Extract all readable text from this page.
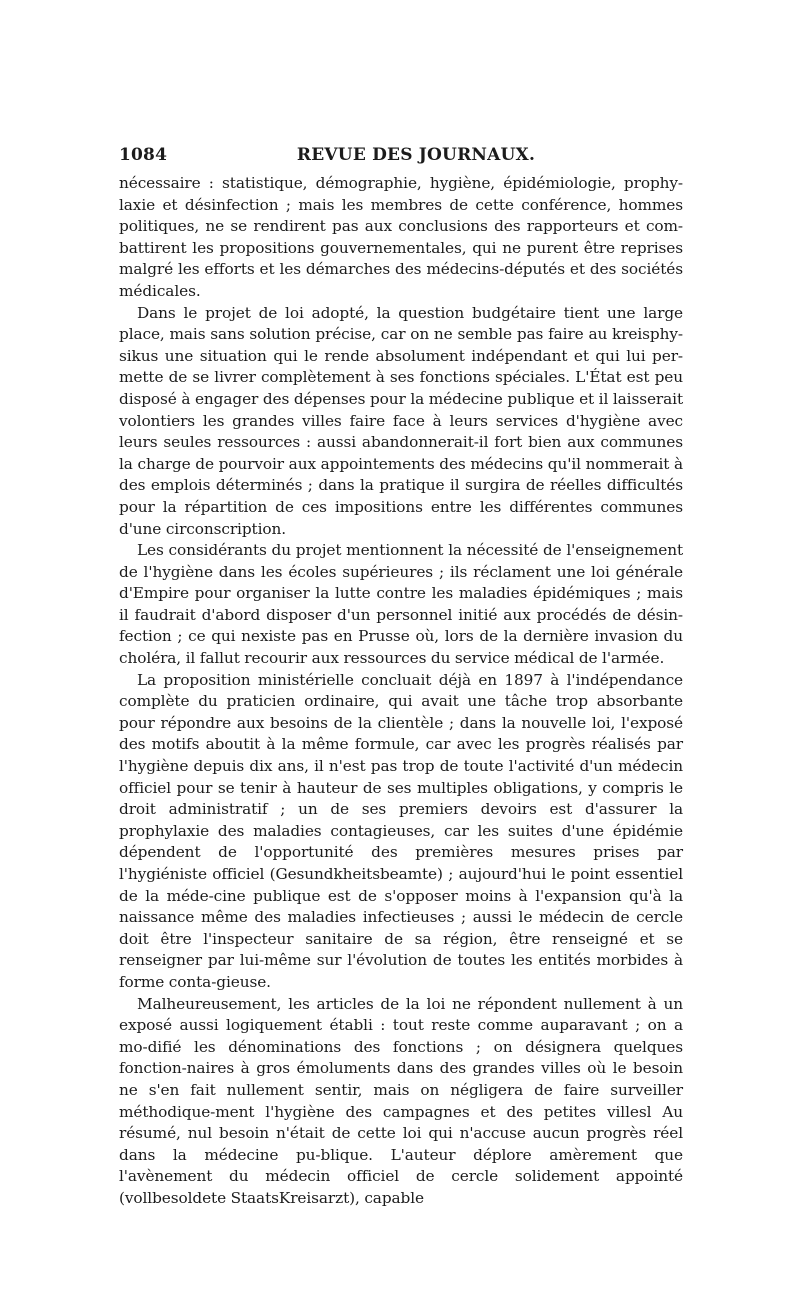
1084	REVUE DES JOURNAUX.

nécessaire : statistique, démographie, hygiène, épidémiologie, prophy-laxie et désinfection ; mais les membres de cette conférence, hommes politiques, ne se rendirent pas aux conclusions des rapporteurs et com-battirent les propositions gouvernementales, qui ne purent être reprises malgré les efforts et les démarches des médecins-députés et des sociétés médicales.

Dans le projet de loi adopté, la question budgétaire tient une large place, mais sans solution précise, car on ne semble pas faire au kreisphy-sikus une situation qui le rende absolument indépendant et qui lui per-mette de se livrer complètement à ses fonctions spéciales. L'État est peu disposé à engager des dépenses pour la médecine publique et il laisserait volontiers les grandes villes faire face à leurs services d'hygiène avec leurs seules ressources : aussi abandonnerait-il fort bien aux communes la charge de pourvoir aux appointements des médecins qu'il nommerait à des emplois déterminés ; dans la pratique il surgira de réelles difficultés pour la répartition de ces impositions entre les différentes communes d'une circonscription.

Les considérants du projet mentionnent la nécessité de l'enseignement de l'hygiène dans les écoles supérieures ; ils réclament une loi générale d'Empire pour organiser la lutte contre les maladies épidémiques ; mais il faudrait d'abord disposer d'un personnel initié aux procédés de désin-fection ; ce qui nexiste pas en Prusse où, lors de la dernière invasion du choléra, il fallut recourir aux ressources du service médical de l'armée.

La proposition ministérielle concluait déjà en 1897 à l'indépendance complète du praticien ordinaire, qui avait une tâche trop absorbante pour répondre aux besoins de la clientèle ; dans la nouvelle loi, l'exposé des motifs aboutit à la même formule, car avec les progrès réalisés par l'hygiène depuis dix ans, il n'est pas trop de toute l'activité d'un médecin officiel pour se tenir à hauteur de ses multiples obligations, y compris le droit administratif ; un de ses premiers devoirs est d'assurer la prophylaxie des maladies contagieuses, car les suites d'une épidémie dépendent de l'opportunité des premières mesures prises par l'hygiéniste officiel (Gesundkheitsbeamte) ; aujourd'hui le point essentiel de la méde-cine publique est de s'opposer moins à l'expansion qu'à la naissance même des maladies infectieuses ; aussi le médecin de cercle doit être l'inspecteur sanitaire de sa région, être renseigné et se renseigner par lui-même sur l'évolution de toutes les entités morbides à forme conta-gieuse.

Malheureusement, les articles de la loi ne répondent nullement à un exposé aussi logiquement établi : tout reste comme auparavant ; on a mo-difié les dénominations des fonctions ; on désignera quelques fonction-naires à gros émoluments dans des grandes villes où le besoin ne s'en fait nullement sentir, mais on négligera de faire surveiller méthodique-ment l'hygiène des campagnes et des petites villesl Au résumé, nul besoin n'était de cette loi qui n'accuse aucun progrès réel dans la médecine pu-blique. L'auteur déplore amèrement que l'avènement du médecin officiel de cercle solidement appointé (vollbesoldete StaatsKreisarzt), capable
